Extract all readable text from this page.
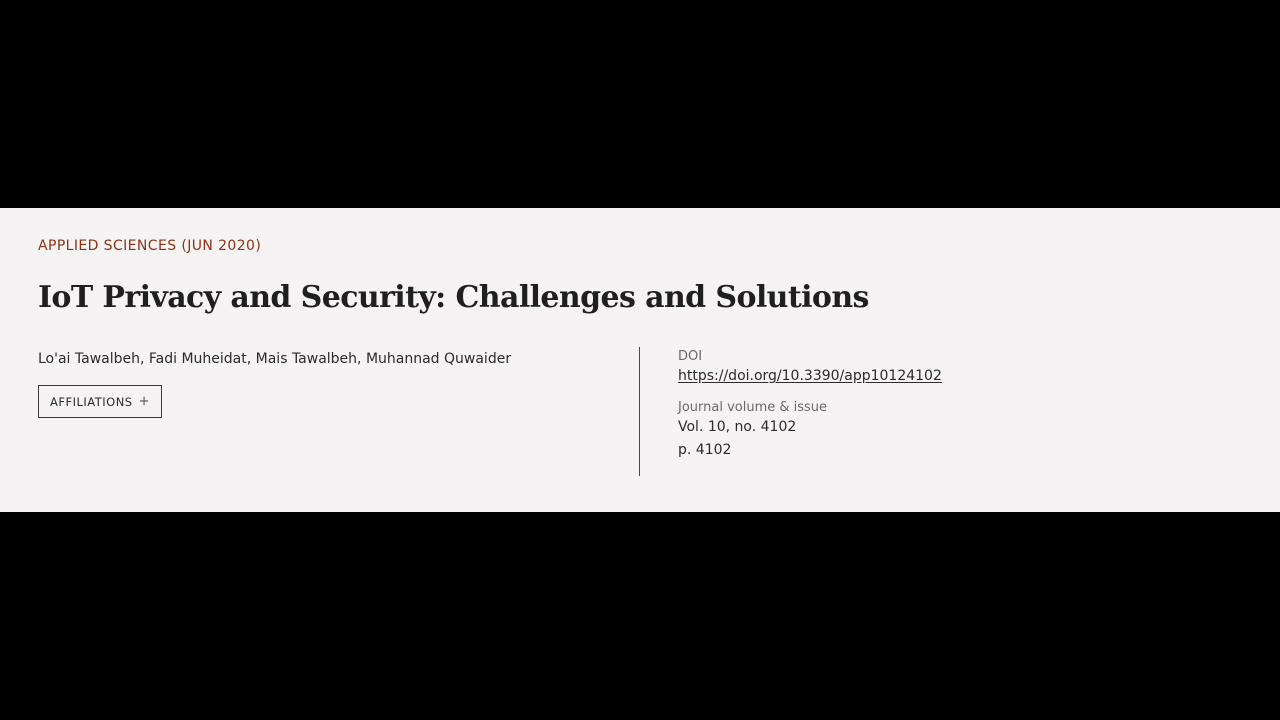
APPLIED SCIENCES (JUN 2020)
IoT Privacy and Security: Challenges and Solutions
Lo'ai Tawalbeh, Fadi Muheidat, Mais Tawalbeh, Muhannad Quwaider
AFFILIATIONS +
DOI
https://doi.org/10.3390/app10124102
Journal volume & issue
Vol. 10, no. 4102
p. 4102
